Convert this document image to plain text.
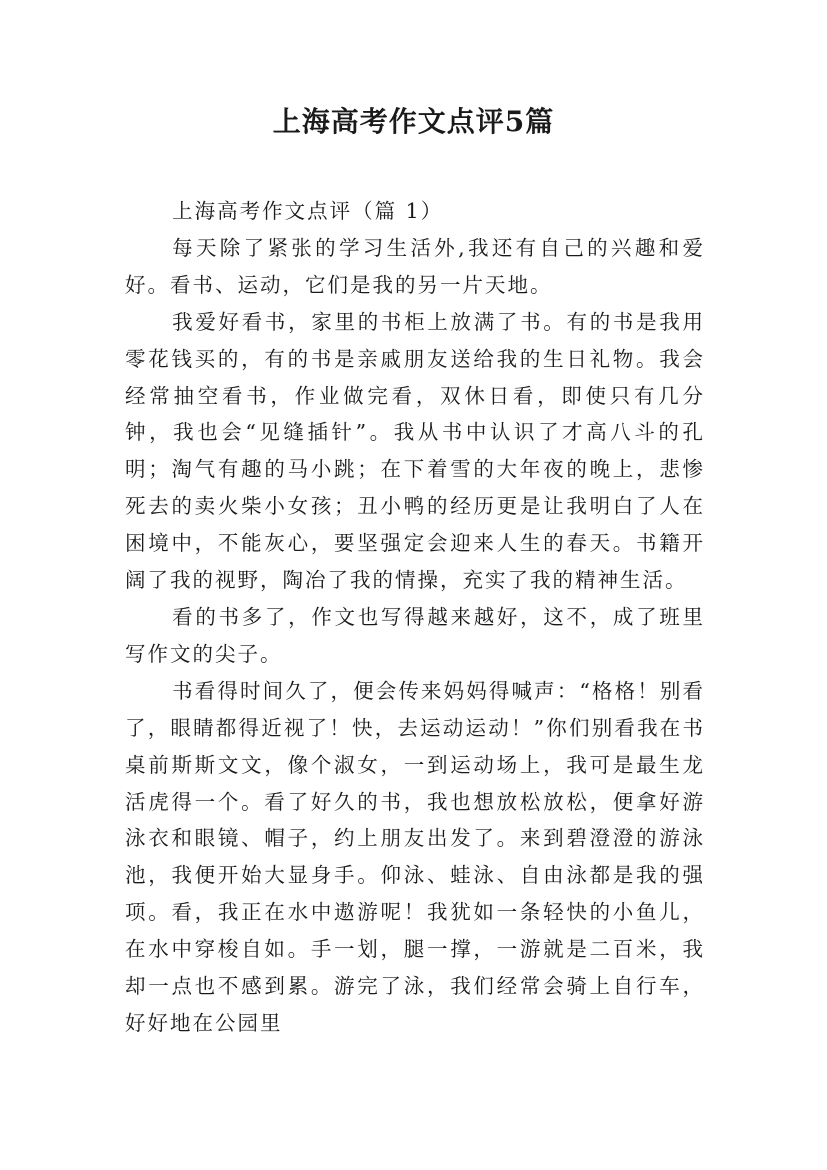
上海高考作文点评5篇

上海高考作文点评（篇 1）

每天除了紧张的学习生活外,我还有自己的兴趣和爱好。看书、运动，它们是我的另一片天地。

我爱好看书，家里的书柜上放满了书。有的书是我用零花钱买的，有的书是亲戚朋友送给我的生日礼物。我会经常抽空看书，作业做完看，双休日看，即使只有几分钟，我也会“见缝插针”。我从书中认识了才高八斗的孔明；淘气有趣的马小跳；在下着雪的大年夜的晚上，悲惨死去的卖火柴小女孩；丑小鸭的经历更是让我明白了人在困境中，不能灰心，要坚强定会迎来人生的春天。书籍开阔了我的视野，陶冶了我的情操，充实了我的精神生活。

看的书多了，作文也写得越来越好，这不，成了班里写作文的尖子。

书看得时间久了，便会传来妈妈得喊声：“格格！别看了，眼睛都得近视了！快，去运动运动！”你们别看我在书桌前斯斯文文，像个淑女，一到运动场上，我可是最生龙活虎得一个。看了好久的书，我也想放松放松，便拿好游泳衣和眼镜、帽子，约上朋友出发了。来到碧澄澄的游泳池，我便开始大显身手。仰泳、蛙泳、自由泳都是我的强项。看，我正在水中遨游呢！我犹如一条轻快的小鱼儿，在水中穿梭自如。手一划，腿一撑，一游就是二百米，我却一点也不感到累。游完了泳，我们经常会骑上自行车，好好地在公园里
